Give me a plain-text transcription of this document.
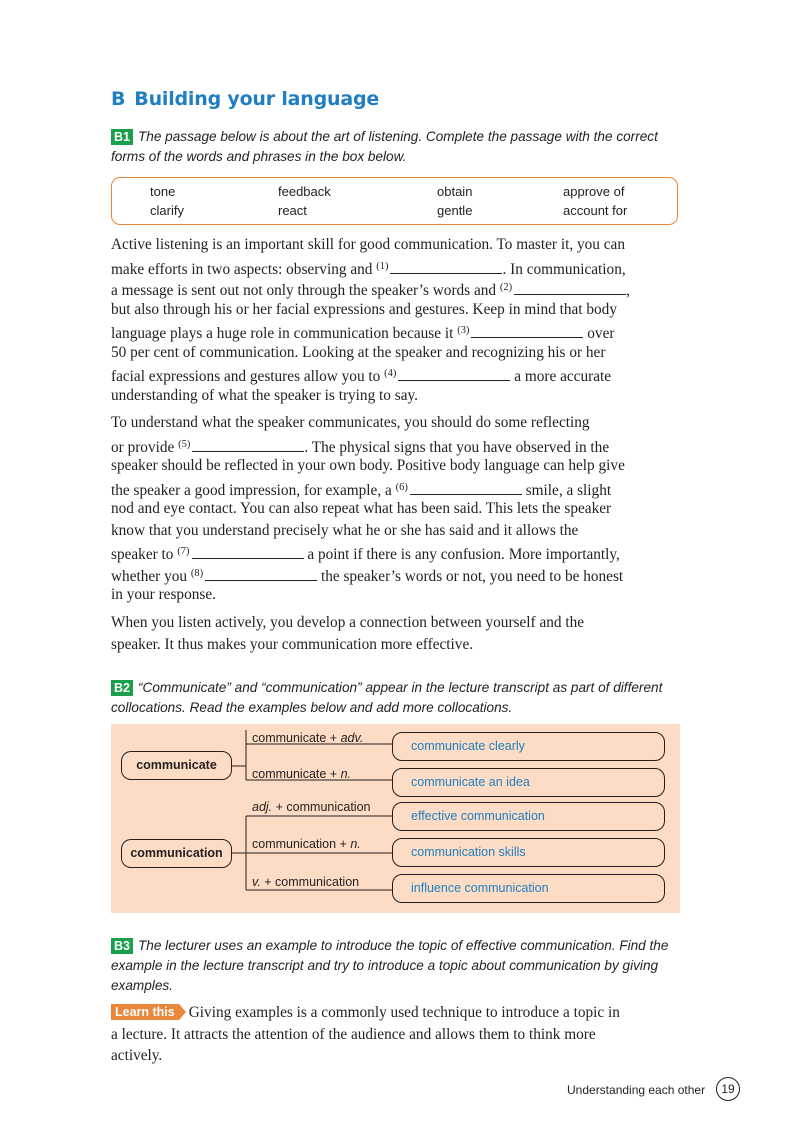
B Building your language

B1 The passage below is about the art of listening. Complete the passage with the correct forms of the words and phrases in the box below.

tone	feedback	obtain	approve of
clarify	react	gentle	account for
Active listening is an important skill for good communication. To master it, you can
make efforts in two aspects: observing and $^{(1)}$	. In communication,
a message is sent out not only through the speaker’s words and $^{(2)}$	,
but also through his or her facial expressions and gestures. Keep in mind that body
language plays a huge role in communication because it $^{(3)}$	over
50 per cent of communication. Looking at the speaker and recognizing his or her
facial expressions and gestures allow you to $^{(4)}$	a more accurate
understanding of what the speaker is trying to say.
To understand what the speaker communicates, you should do some reflecting
or provide $^{(5)}$	. The physical signs that you have observed in the
speaker should be reflected in your own body. Positive body language can help give
the speaker a good impression, for example, a $^{(6)}$	smile, a slight
nod and eye contact. You can also repeat what has been said. This lets the speaker
know that you understand precisely what he or she has said and it allows the
speaker to $^{(7)}$	a point if there is any confusion. More importantly,
whether you $^{(8)}$	the speaker’s words or not, you need to be honest
in your response.
When you listen actively, you develop a connection between yourself and the
speaker. It thus makes your communication more effective.

B2 “Communicate” and “communication” appear in the lecture transcript as part of different collocations. Read the examples below and add more collocations.

communicate
communication
communicate + adv.
communicate + n.
adj. + communication
communication + n.
v. + communication
communicate clearly
communicate an idea
effective communication
communication skills
influence communication

B3 The lecturer uses an example to introduce the topic of effective communication. Find the example in the lecture transcript and try to introduce a topic about communication by giving examples.

Learn this Giving examples is a commonly used technique to introduce a topic in
a lecture. It attracts the attention of the audience and allows them to think more
actively.
Understanding each other	19
